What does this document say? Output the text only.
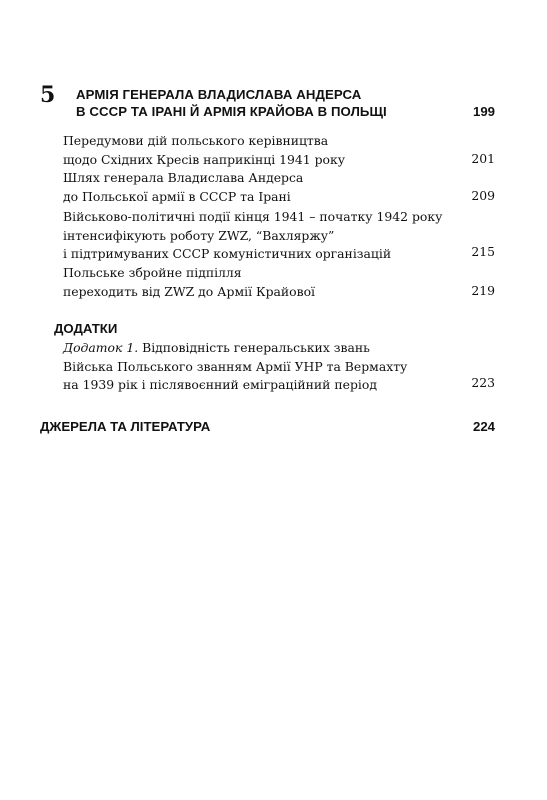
5 АРМІЯ ГЕНЕРАЛА ВЛАДИСЛАВА АНДЕРСА
В СССР ТА ІРАНІ Й АРМІЯ КРАЙОВА В ПОЛЬЩІ	199
Передумови дій польського керівництва
щодо Східних Кресів наприкінці 1941 року	201
Шлях генерала Владислава Андерса
до Польської армії в СССР та Ірані	209
Військово-політичні події кінця 1941 – початку 1942 року
інтенсифікують роботу ZWZ, “Вахляржу”
і підтримуваних СССР комуністичних організацій	215
Польське збройне підпілля
переходить від ZWZ до Армії Крайової	219
ДОДАТКИ
Додаток 1. Відповідність генеральських звань
Війська Польського званням Армії УНР та Вермахту
на 1939 рік і післявоєнний еміграційний період	223
ДЖЕРЕЛА ТА ЛІТЕРАТУРА	224
